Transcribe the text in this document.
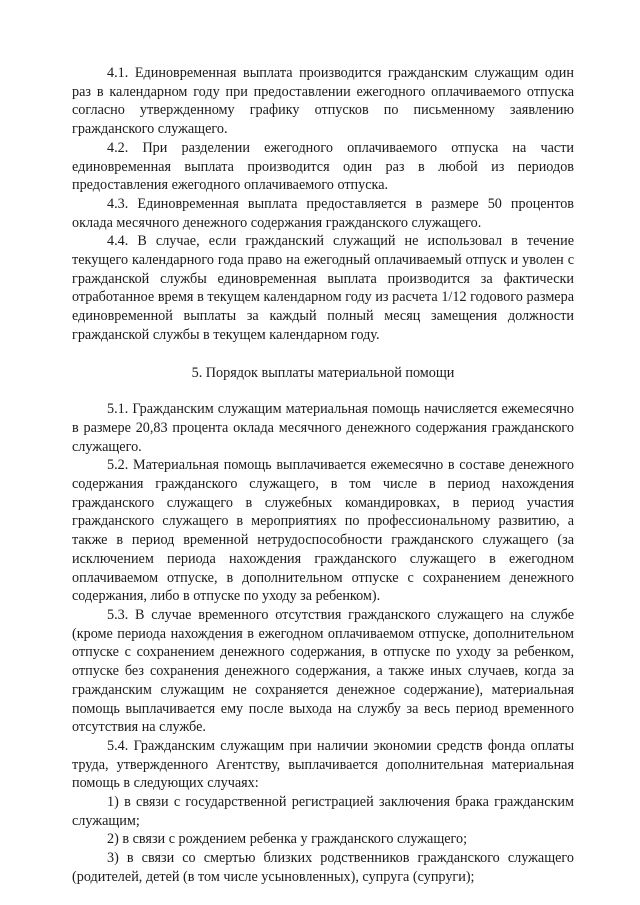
4.1. Единовременная выплата производится гражданским служащим один раз в календарном году при предоставлении ежегодного оплачиваемого отпуска согласно утвержденному графику отпусков по письменному заявлению гражданского служащего.

4.2. При разделении ежегодного оплачиваемого отпуска на части единовременная выплата производится один раз в любой из периодов предоставления ежегодного оплачиваемого отпуска.

4.3. Единовременная выплата предоставляется в размере 50 процентов оклада месячного денежного содержания гражданского служащего.

4.4. В случае, если гражданский служащий не использовал в течение текущего календарного года право на ежегодный оплачиваемый отпуск и уволен с гражданской службы единовременная выплата производится за фактически отработанное время в текущем календарном году из расчета 1/12 годового размера единовременной выплаты за каждый полный месяц замещения должности гражданской службы в текущем календарном году.

5. Порядок выплаты материальной помощи

5.1. Гражданским служащим материальная помощь начисляется ежемесячно в размере 20,83 процента оклада месячного денежного содержания гражданского служащего.

5.2. Материальная помощь выплачивается ежемесячно в составе денежного содержания гражданского служащего, в том числе в период нахождения гражданского служащего в служебных командировках, в период участия гражданского служащего в мероприятиях по профессиональному развитию, а также в период временной нетрудоспособности гражданского служащего (за исключением периода нахождения гражданского служащего в ежегодном оплачиваемом отпуске, в дополнительном отпуске с сохранением денежного содержания, либо в отпуске по уходу за ребенком).

5.3. В случае временного отсутствия гражданского служащего на службе (кроме периода нахождения в ежегодном оплачиваемом отпуске, дополнительном отпуске с сохранением денежного содержания, в отпуске по уходу за ребенком, отпуске без сохранения денежного содержания, а также иных случаев, когда за гражданским служащим не сохраняется денежное содержание), материальная помощь выплачивается ему после выхода на службу за весь период временного отсутствия на службе.

5.4. Гражданским служащим при наличии экономии средств фонда оплаты труда, утвержденного Агентству, выплачивается дополнительная материальная помощь в следующих случаях:

1) в связи с государственной регистрацией заключения брака гражданским служащим;

2) в связи с рождением ребенка у гражданского служащего;

3) в связи со смертью близких родственников гражданского служащего (родителей, детей (в том числе усыновленных), супруга (супруги);
